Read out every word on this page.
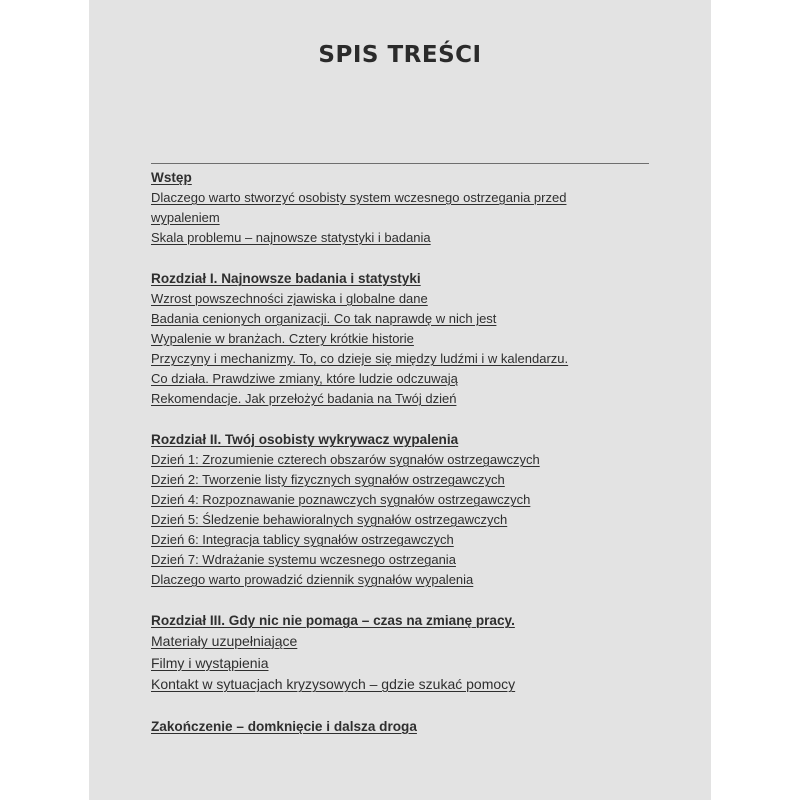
SPIS TREŚCI
Wstęp
Dlaczego warto stworzyć osobisty system wczesnego ostrzegania przed wypaleniem
Skala problemu – najnowsze statystyki i badania
Rozdział I. Najnowsze badania i statystyki
Wzrost powszechności zjawiska i globalne dane
Badania cenionych organizacji. Co tak naprawdę w nich jest
Wypalenie w branżach. Cztery krótkie historie
Przyczyny i mechanizmy. To, co dzieje się między ludźmi i w kalendarzu.
Co działa. Prawdziwe zmiany, które ludzie odczuwają
Rekomendacje. Jak przełożyć badania na Twój dzień
Rozdział II. Twój osobisty wykrywacz wypalenia
Dzień 1: Zrozumienie czterech obszarów sygnałów ostrzegawczych
Dzień 2: Tworzenie listy fizycznych sygnałów ostrzegawczych
Dzień 4: Rozpoznawanie poznawczych sygnałów ostrzegawczych
Dzień 5: Śledzenie behawioralnych sygnałów ostrzegawczych
Dzień 6: Integracja tablicy sygnałów ostrzegawczych
Dzień 7: Wdrażanie systemu wczesnego ostrzegania
Dlaczego warto prowadzić dziennik sygnałów wypalenia
Rozdział III. Gdy nic nie pomaga – czas na zmianę pracy.
Materiały uzupełniające
Filmy i wystąpienia
Kontakt w sytuacjach kryzysowych – gdzie szukać pomocy
Zakończenie – domknięcie i dalsza droga
